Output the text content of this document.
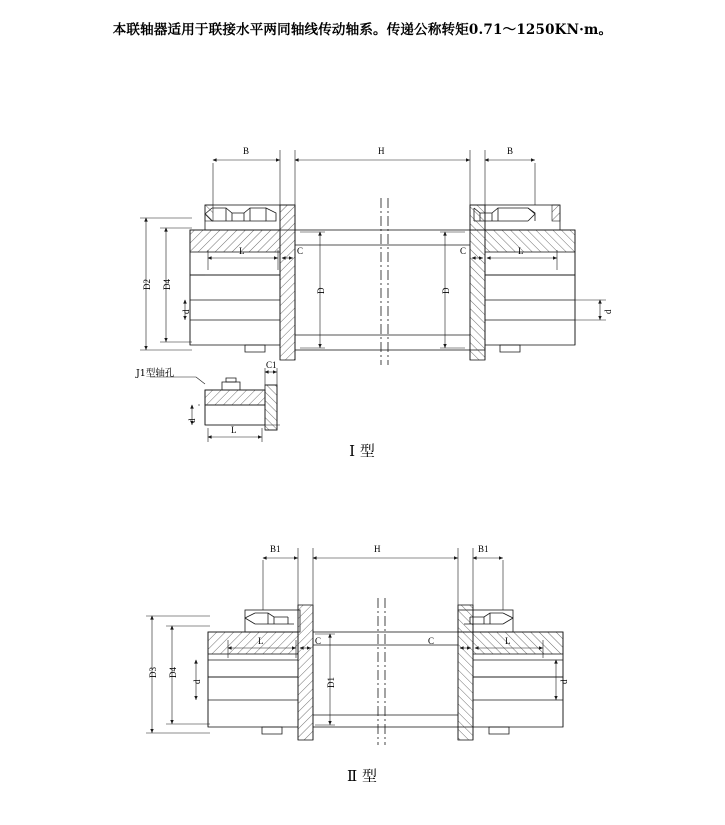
本联轴器适用于联接水平两同轴线传动轴系。传递公称转矩0.71～1250KN·m。
B	H	B
D2 D4
d	d
L	C
D	D
C	L
J1型轴孔
C1
d
L
Ⅰ 型
B1	H	B1
D3 D4
d	d
L	C
D1
C	L
Ⅱ 型
